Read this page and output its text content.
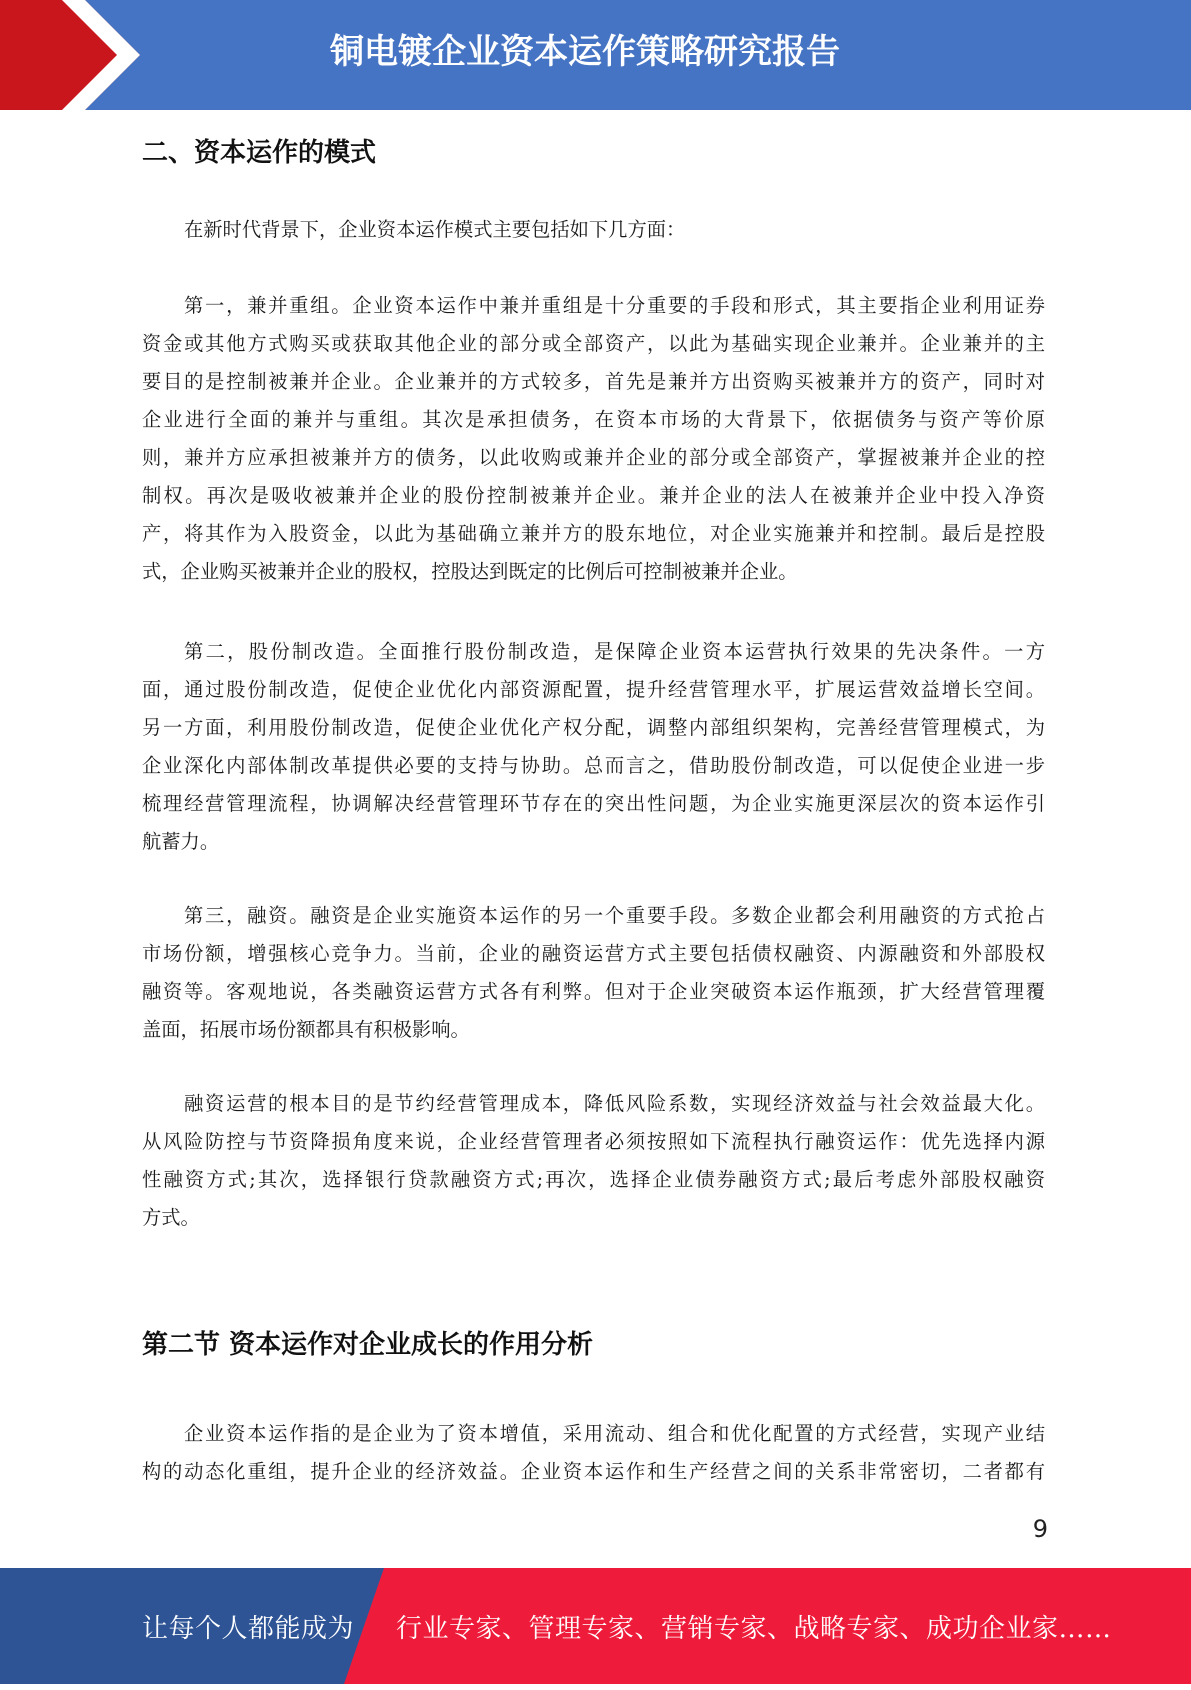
铜电镀企业资本运作策略研究报告
二、资本运作的模式
在新时代背景下，企业资本运作模式主要包括如下几方面：
第一，兼并重组。企业资本运作中兼并重组是十分重要的手段和形式，其主要指企业利用证券
资金或其他方式购买或获取其他企业的部分或全部资产，以此为基础实现企业兼并。企业兼并的主
要目的是控制被兼并企业。企业兼并的方式较多，首先是兼并方出资购买被兼并方的资产，同时对
企业进行全面的兼并与重组。其次是承担债务，在资本市场的大背景下，依据债务与资产等价原
则，兼并方应承担被兼并方的债务，以此收购或兼并企业的部分或全部资产，掌握被兼并企业的控
制权。再次是吸收被兼并企业的股份控制被兼并企业。兼并企业的法人在被兼并企业中投入净资
产，将其作为入股资金，以此为基础确立兼并方的股东地位，对企业实施兼并和控制。最后是控股
式，企业购买被兼并企业的股权，控股达到既定的比例后可控制被兼并企业。
第二，股份制改造。全面推行股份制改造，是保障企业资本运营执行效果的先决条件。一方
面，通过股份制改造，促使企业优化内部资源配置，提升经营管理水平，扩展运营效益增长空间。
另一方面，利用股份制改造，促使企业优化产权分配，调整内部组织架构，完善经营管理模式，为
企业深化内部体制改革提供必要的支持与协助。总而言之，借助股份制改造，可以促使企业进一步
梳理经营管理流程，协调解决经营管理环节存在的突出性问题，为企业实施更深层次的资本运作引
航蓄力。
第三，融资。融资是企业实施资本运作的另一个重要手段。多数企业都会利用融资的方式抢占
市场份额，增强核心竞争力。当前，企业的融资运营方式主要包括债权融资、内源融资和外部股权
融资等。客观地说，各类融资运营方式各有利弊。但对于企业突破资本运作瓶颈，扩大经营管理覆
盖面，拓展市场份额都具有积极影响。
融资运营的根本目的是节约经营管理成本，降低风险系数，实现经济效益与社会效益最大化。
从风险防控与节资降损角度来说，企业经营管理者必须按照如下流程执行融资运作：优先选择内源
性融资方式;其次，选择银行贷款融资方式;再次，选择企业债券融资方式;最后考虑外部股权融资
方式。
第二节 资本运作对企业成长的作用分析
企业资本运作指的是企业为了资本增值，采用流动、组合和优化配置的方式经营，实现产业结
构的动态化重组，提升企业的经济效益。企业资本运作和生产经营之间的关系非常密切，二者都有
9
让每个人都能成为 行业专家、管理专家、营销专家、战略专家、成功企业家……
